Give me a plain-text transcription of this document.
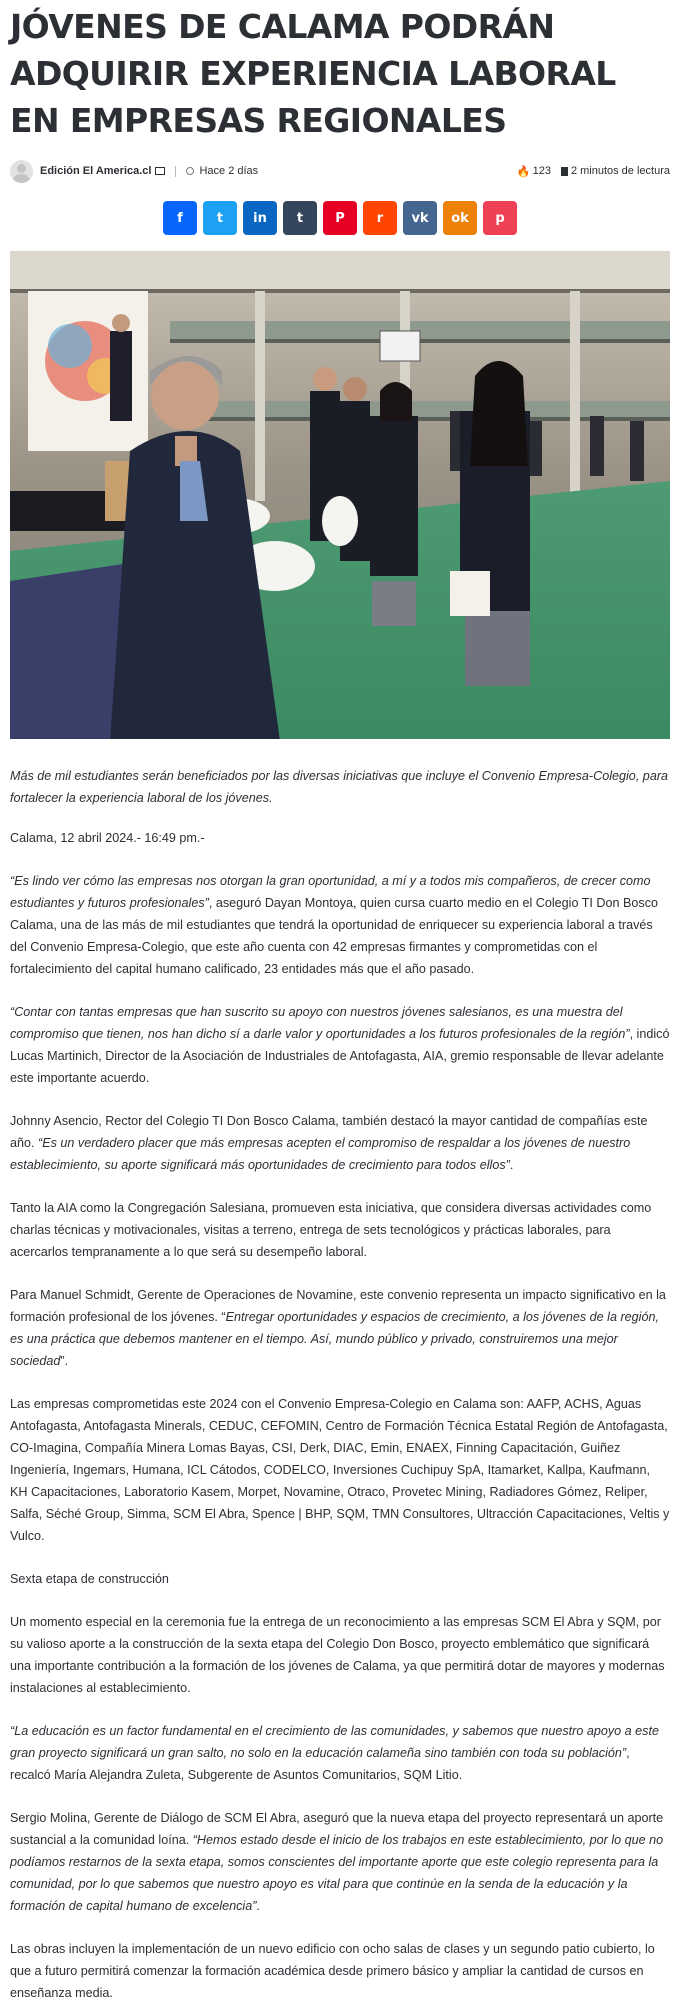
JÓVENES DE CALAMA PODRÁN ADQUIRIR EXPERIENCIA LABORAL EN EMPRESAS REGIONALES
Edición El America.cl	Hace 2 días	🔥 123 2 minutos de lectura
f	t in t P r vk ok p

Más de mil estudiantes serán beneficiados por las diversas iniciativas que incluye el Convenio Empresa-Colegio, para fortalecer la experiencia laboral de los jóvenes.

Calama, 12 abril 2024.- 16:49 pm.-

“Es lindo ver cómo las empresas nos otorgan la gran oportunidad, a mí y a todos mis compañeros, de crecer como estudiantes y futuros profesionales”, aseguró Dayan Montoya, quien cursa cuarto medio en el Colegio TI Don Bosco Calama, una de las más de mil estudiantes que tendrá la oportunidad de enriquecer su experiencia laboral a través del Convenio Empresa-Colegio, que este año cuenta con 42 empresas firmantes y comprometidas con el fortalecimiento del capital humano calificado, 23 entidades más que el año pasado.

“Contar con tantas empresas que han suscrito su apoyo con nuestros jóvenes salesianos, es una muestra del compromiso que tienen, nos han dicho sí a darle valor y oportunidades a los futuros profesionales de la región”, indicó Lucas Martinich, Director de la Asociación de Industriales de Antofagasta, AIA, gremio responsable de llevar adelante este importante acuerdo.

Johnny Asencio, Rector del Colegio TI Don Bosco Calama, también destacó la mayor cantidad de compañías este año. “Es un verdadero placer que más empresas acepten el compromiso de respaldar a los jóvenes de nuestro establecimiento, su aporte significará más oportunidades de crecimiento para todos ellos”.

Tanto la AIA como la Congregación Salesiana, promueven esta iniciativa, que considera diversas actividades como charlas técnicas y motivacionales, visitas a terreno, entrega de sets tecnológicos y prácticas laborales, para acercarlos tempranamente a lo que será su desempeño laboral.

Para Manuel Schmidt, Gerente de Operaciones de Novamine, este convenio representa un impacto significativo en la formación profesional de los jóvenes. “Entregar oportunidades y espacios de crecimiento, a los jóvenes de la región, es una práctica que debemos mantener en el tiempo. Así, mundo público y privado, construiremos una mejor sociedad”.

Las empresas comprometidas este 2024 con el Convenio Empresa-Colegio en Calama son: AAFP, ACHS, Aguas Antofagasta, Antofagasta Minerals, CEDUC, CEFOMIN, Centro de Formación Técnica Estatal Región de Antofagasta, CO-Imagina, Compañía Minera Lomas Bayas, CSI, Derk, DIAC, Emin, ENAEX, Finning Capacitación, Guiñez Ingeniería, Ingemars, Humana, ICL Cátodos, CODELCO, Inversiones Cuchipuy SpA, Itamarket, Kallpa, Kaufmann, KH Capacitaciones, Laboratorio Kasem, Morpet, Novamine, Otraco, Provetec Mining, Radiadores Gómez, Reliper, Salfa, Séché Group, Simma, SCM El Abra, Spence | BHP, SQM, TMN Consultores, Ultracción Capacitaciones, Veltis y Vulco.

Sexta etapa de construcción

Un momento especial en la ceremonia fue la entrega de un reconocimiento a las empresas SCM El Abra y SQM, por su valioso aporte a la construcción de la sexta etapa del Colegio Don Bosco, proyecto emblemático que significará una importante contribución a la formación de los jóvenes de Calama, ya que permitirá dotar de mayores y modernas instalaciones al establecimiento.

“La educación es un factor fundamental en el crecimiento de las comunidades, y sabemos que nuestro apoyo a este gran proyecto significará un gran salto, no solo en la educación calameña sino también con toda su población”, recalcó María Alejandra Zuleta, Subgerente de Asuntos Comunitarios, SQM Litio.

Sergio Molina, Gerente de Diálogo de SCM El Abra, aseguró que la nueva etapa del proyecto representará un aporte sustancial a la comunidad loína. “Hemos estado desde el inicio de los trabajos en este establecimiento, por lo que no podíamos restarnos de la sexta etapa, somos conscientes del importante aporte que este colegio representa para la comunidad, por lo que sabemos que nuestro apoyo es vital para que continúe en la senda de la educación y la formación de capital humano de excelencia”.

Las obras incluyen la implementación de un nuevo edificio con ocho salas de clases y un segundo patio cubierto, lo que a futuro permitirá comenzar la formación académica desde primero básico y ampliar la cantidad de cursos en enseñanza media.
